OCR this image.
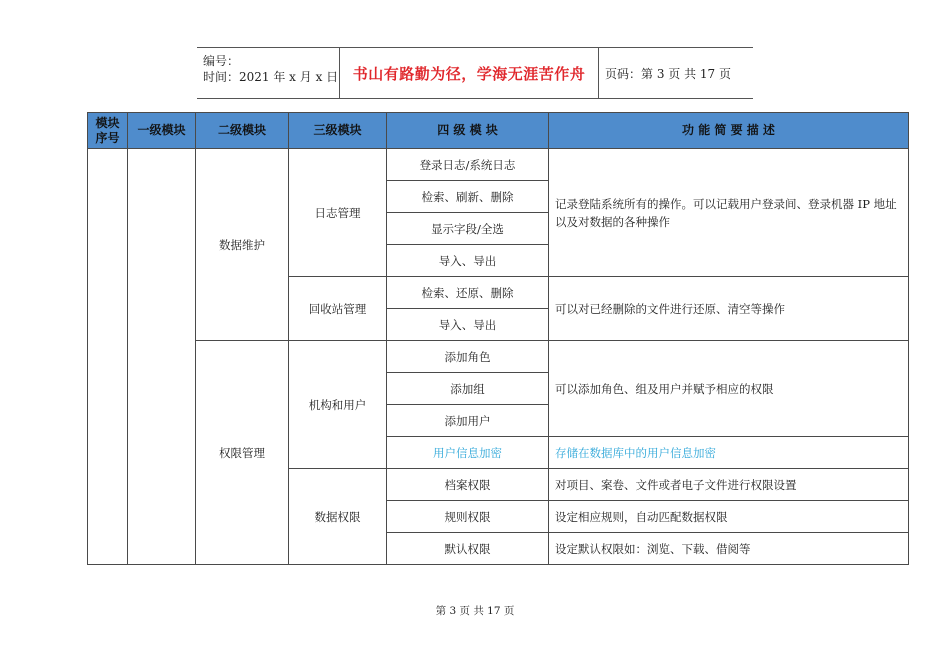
编号：
时间：2021 年 x 月 x 日 书山有路勤为径，学海无涯苦作舟 页码：第 3 页 共 17 页
模块序号	一级模块	二级模块	三级模块	四 级 模 块	功 能 简 要 描 述
		数据维护	日志管理	登录日志/系统日志	记录登陆系统所有的操作。可以记载用户登录间、登录机器 IP 地址以及对数据的各种操作
				检索、刷新、删除	
				显示字段/全选	
				导入、导出	
			回收站管理	检索、还原、删除	可以对已经删除的文件进行还原、清空等操作
				导入、导出	
		权限管理	机构和用户	添加角色	可以添加角色、组及用户并赋予相应的权限
				添加组	
				添加用户	
				用户信息加密	存储在数据库中的用户信息加密
			数据权限	档案权限	对项目、案卷、文件或者电子文件进行权限设置
				规则权限	设定相应规则，自动匹配数据权限
				默认权限	设定默认权限如：浏览、下载、借阅等
第 3 页 共 17 页
